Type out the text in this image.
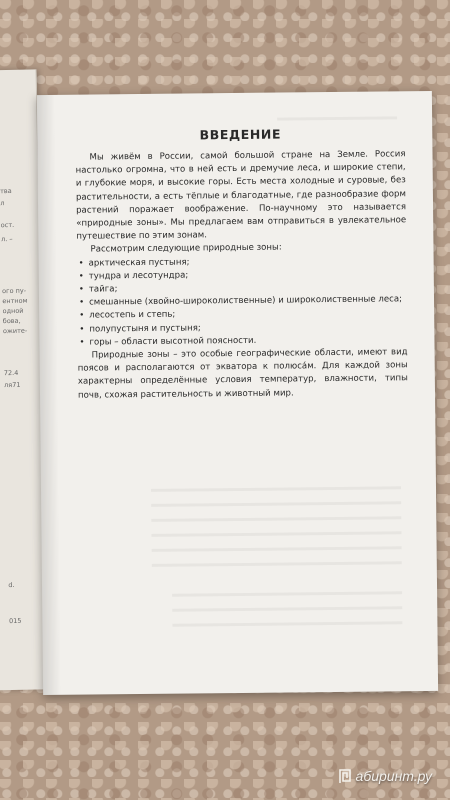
тва
л
ост.
л. –
ого пу-
ентном
одной
бова,
ожите-
72.4
ля71
d.
015
ВВЕДЕНИЕ

Мы живём в России, самой большой стране на Земле. Россия настолько огромна, что в ней есть и дремучие леса, и широкие степи, и глубокие моря, и высокие горы. Есть места холодные и суровые, без растительности, а есть тёплые и благодатные, где разнообразие форм растений поражает воображение. По-научному это называется «природные зоны». Мы предлагаем вам отправиться в увлекательное путешествие по этим зонам.

Рассмотрим следующие природные зоны:

• арктическая пустыня;
• тундра и лесотундра;
• тайга;
• смешанные (хвойно-широколиственные) и широколиственные леса;
• лесостепь и степь;
• полупустыня и пустыня;
• горы – области высотной поясности.

Природные зоны – это особые географические области, имеют вид поясов и располагаются от экватора к полюсáм. Для каждой зоны характерны определённые условия температур, влажности, типы почв, схожая растительность и животный мир.

абиринт.ру
